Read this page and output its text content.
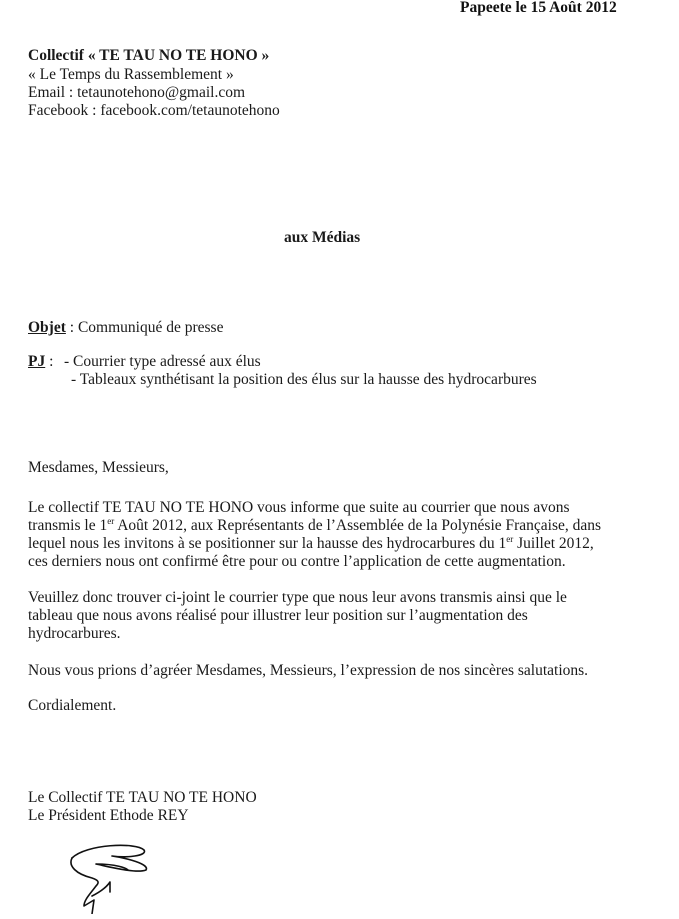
Papeete le 15 Août 2012
Collectif « TE TAU NO TE HONO »
« Le Temps du Rassemblement »
Email : tetaunotehono@gmail.com
Facebook : facebook.com/tetaunotehono
aux Médias
Objet : Communiqué de presse
PJ : - Courrier type adressé aux élus
- Tableaux synthétisant la position des élus sur la hausse des hydrocarbures
Mesdames, Messieurs,
Le collectif TE TAU NO TE HONO vous informe que suite au courrier que nous avons
transmis le 1er Août 2012, aux Représentants de l’Assemblée de la Polynésie Française, dans
lequel nous les invitons à se positionner sur la hausse des hydrocarbures du 1er Juillet 2012,
ces derniers nous ont confirmé être pour ou contre l’application de cette augmentation.
Veuillez donc trouver ci-joint le courrier type que nous leur avons transmis ainsi que le
tableau que nous avons réalisé pour illustrer leur position sur l’augmentation des
hydrocarbures.
Nous vous prions d’agréer Mesdames, Messieurs, l’expression de nos sincères salutations.
Cordialement.
Le Collectif TE TAU NO TE HONO
Le Président Ethode REY
